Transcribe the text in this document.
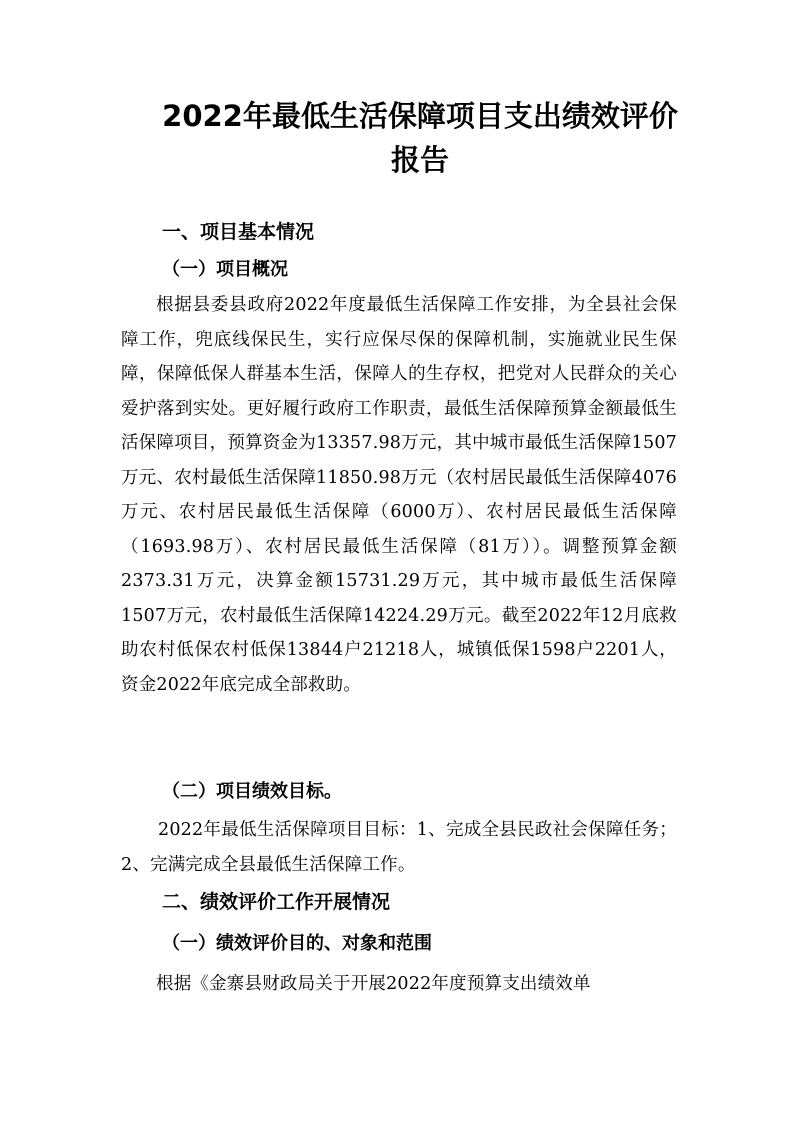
2022年最低生活保障项目支出绩效评价报告
一、项目基本情况
（一）项目概况

根据县委县政府2022年度最低生活保障工作安排，为全县社会保障工作，兜底线保民生，实行应保尽保的保障机制，实施就业民生保障，保障低保人群基本生活，保障人的生存权，把党对人民群众的关心爱护落到实处。更好履行政府工作职责，最低生活保障预算金额最低生活保障项目，预算资金为13357.98万元，其中城市最低生活保障1507万元、农村最低生活保障11850.98万元（农村居民最低生活保障4076万元、农村居民最低生活保障（6000万）、农村居民最低生活保障（1693.98万）、农村居民最低生活保障（81万））。调整预算金额2373.31万元，决算金额15731.29万元，其中城市最低生活保障1507万元，农村最低生活保障14224.29万元。截至2022年12月底救助农村低保农村低保13844户21218人，城镇低保1598户2201人，资金2022年底完成全部救助。

（二）项目绩效目标。

2022年最低生活保障项目目标：1、完成全县民政社会保障任务；2、完满完成全县最低生活保障工作。

二、绩效评价工作开展情况
（一）绩效评价目的、对象和范围

根据《金寨县财政局关于开展2022年度预算支出绩效单
